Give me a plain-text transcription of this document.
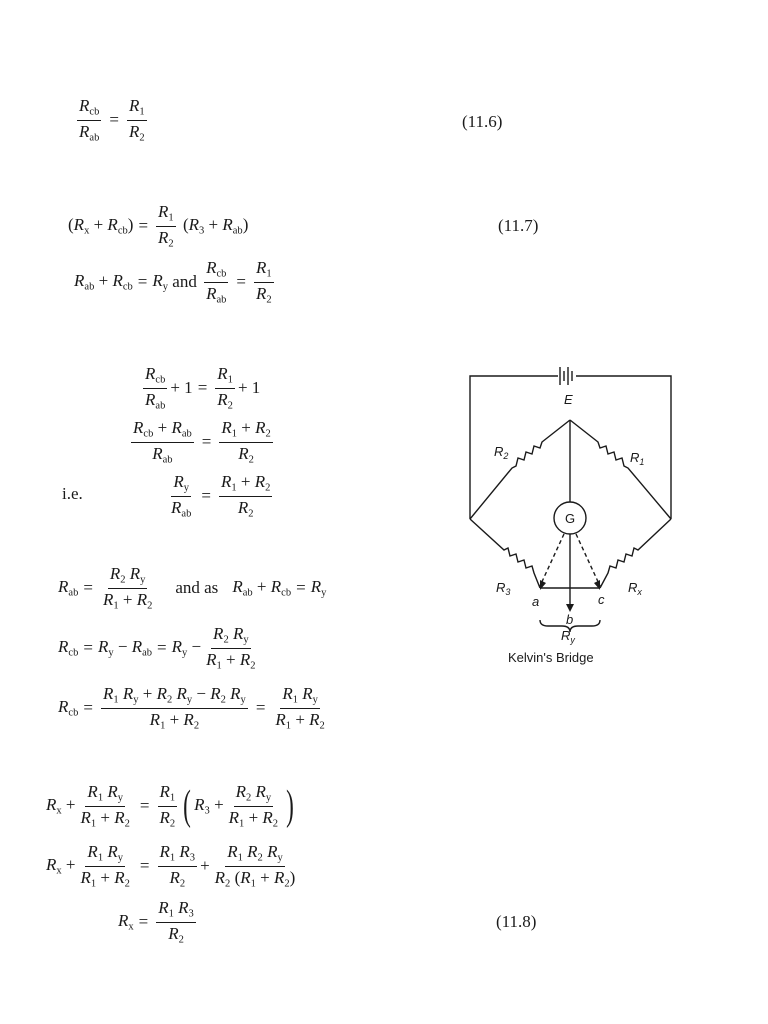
$\frac{R_{cb}}{R_{ab}} = \frac{R_1}{R_2}$	(11.6)
$(R_x + R_{cb}) = \frac{R_1}{R_2} (R_3 + R_{ab})$	(11.7)
$R_{ab} + R_{cb} = R_y$ and
$\frac{R_{cb}}{R_{ab}} = \frac{R_1}{R_2}$
$\frac{R_{cb}}{R_{ab}} + 1 = \frac{R_1}{R_2} + 1$
$\frac{R_{cb} + R_{ab}}{R_{ab}} = \frac{R_1 + R_2}{R_2}$
i.e.	$\frac{R_y}{R_{ab}} = \frac{R_1 + R_2}{R_2}$
$R_{ab} = \frac{R_2 R_y}{R_1 + R_2}$ and as $R_{ab} + R_{cb} = R_y$
$R_{cb} = R_y - R_{ab} = R_y - \frac{R_2 R_y}{R_1 + R_2}$
$R_{cb} = \frac{R_1 R_y + R_2 R_y - R_2 R_y}{R_1 + R_2} = \frac{R_1 R_y}{R_1 + R_2}$
$R_x + \frac{R_1 R_y}{R_1 + R_2} = \frac{R_1}{R_2}$ ( $R_3 + \frac{R_2 R_y}{R_1 + R_2}$ )
$R_x + \frac{R_1 R_y}{R_1 + R_2} = \frac{R_1 R_3}{R_2} + \frac{R_1 R_2 R_y}{R_2 (R_1 + R_2)}$
$R_x = \frac{R_1 R_3}{R_2}$	(11.8)
E
G
$R_2$	$R_1$
$R_3$	$R_x$
a
b
c
$R_y$
Kelvin's Bridge
